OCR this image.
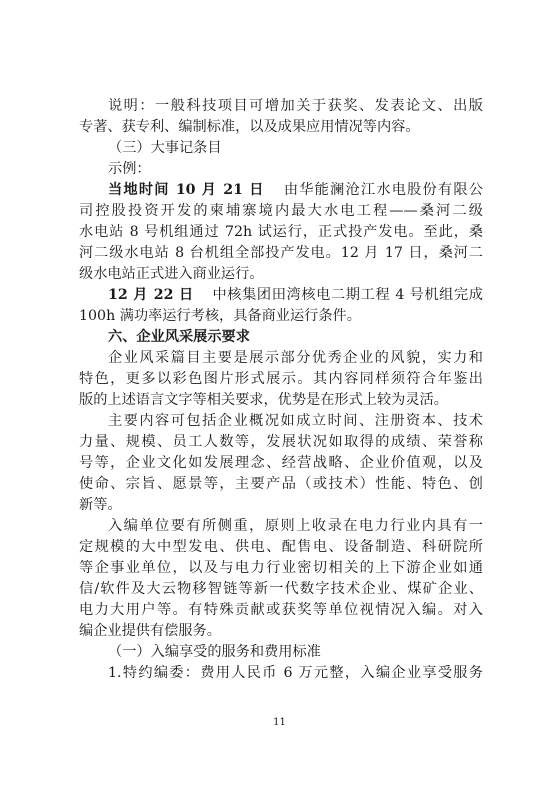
说明：一般科技项目可增加关于获奖、发表论文、出版
专著、获专利、编制标准，以及成果应用情况等内容。
（三）大事记条目
示例：
当地时间 10 月 21 日 由华能澜沧江水电股份有限公
司控股投资开发的柬埔寨境内最大水电工程——桑河二级
水电站 8 号机组通过 72h 试运行，正式投产发电。至此，桑
河二级水电站 8 台机组全部投产发电。12 月 17 日，桑河二
级水电站正式进入商业运行。
12 月 22 日 中核集团田湾核电二期工程 4 号机组完成
100h 满功率运行考核，具备商业运行条件。
六、企业风采展示要求
企业风采篇目主要是展示部分优秀企业的风貌，实力和
特色，更多以彩色图片形式展示。其内容同样须符合年鉴出
版的上述语言文字等相关要求，优势是在形式上较为灵活。
主要内容可包括企业概况如成立时间、注册资本、技术
力量、规模、员工人数等，发展状况如取得的成绩、荣誉称
号等，企业文化如发展理念、经营战略、企业价值观，以及
使命、宗旨、愿景等，主要产品（或技术）性能、特色、创
新等。
入编单位要有所侧重，原则上收录在电力行业内具有一
定规模的大中型发电、供电、配售电、设备制造、科研院所
等企事业单位，以及与电力行业密切相关的上下游企业如通
信/软件及大云物移智链等新一代数字技术企业、煤矿企业、
电力大用户等。有特殊贡献或获奖等单位视情况入编。对入
编企业提供有偿服务。
（一）入编享受的服务和费用标准
1.特约编委：费用人民币 6 万元整，入编企业享受服务
11
